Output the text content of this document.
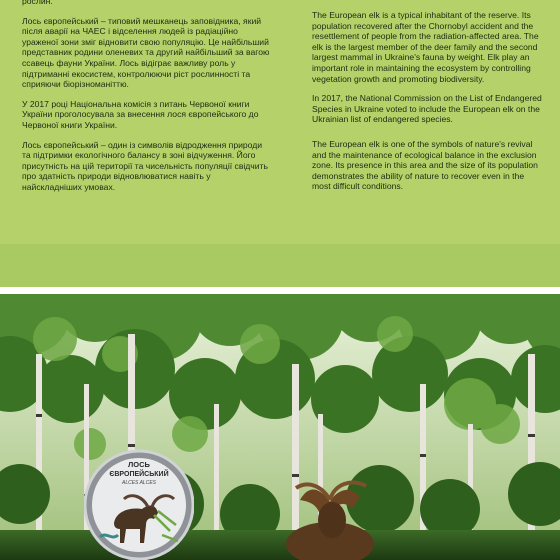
рослин.

Лось європейський – типовий мешканець заповідника, який після аварії на ЧАЕС і відселення людей із радіаційно ураженої зони зміг відновити свою популяцію. Це найбільший представник родини оленевих та другий найбільший за вагою ссавець фауни України. Лось відіграє важливу роль у підтриманні екосистем, контролюючи ріст рослинності та сприяючи біорізноманіттю.

У 2017 році Національна комісія з питань Червоної книги України проголосувала за внесення лося європейського до Червоної книги України.

Лось європейський – один із символів відродження природи та підтримки екологічного балансу в зоні відчуження. Його присутність на цій території та чисельність популяції свідчить про здатність природи відновлюватися навіть у найскладніших умовах.

The European elk is a typical inhabitant of the reserve. Its population recovered after the Chornobyl accident and the resettlement of people from the radiation-affected area. The elk is the largest member of the deer family and the second largest mammal in Ukraine's fauna by weight. Elk play an important role in maintaining the ecosystem by controlling vegetation growth and promoting biodiversity.

In 2017, the National Commission on the List of Endangered Species in Ukraine voted to include the European elk on the Ukrainian list of endangered species.

The European elk is one of the symbols of nature's revival and the maintenance of ecological balance in the exclusion zone. Its presence in this area and the size of its population demonstrates the ability of nature to recover even in the most difficult conditions.

ЛОСЬ
ЄВРОПЕЙСЬКИЙ
ALCES ALCES
